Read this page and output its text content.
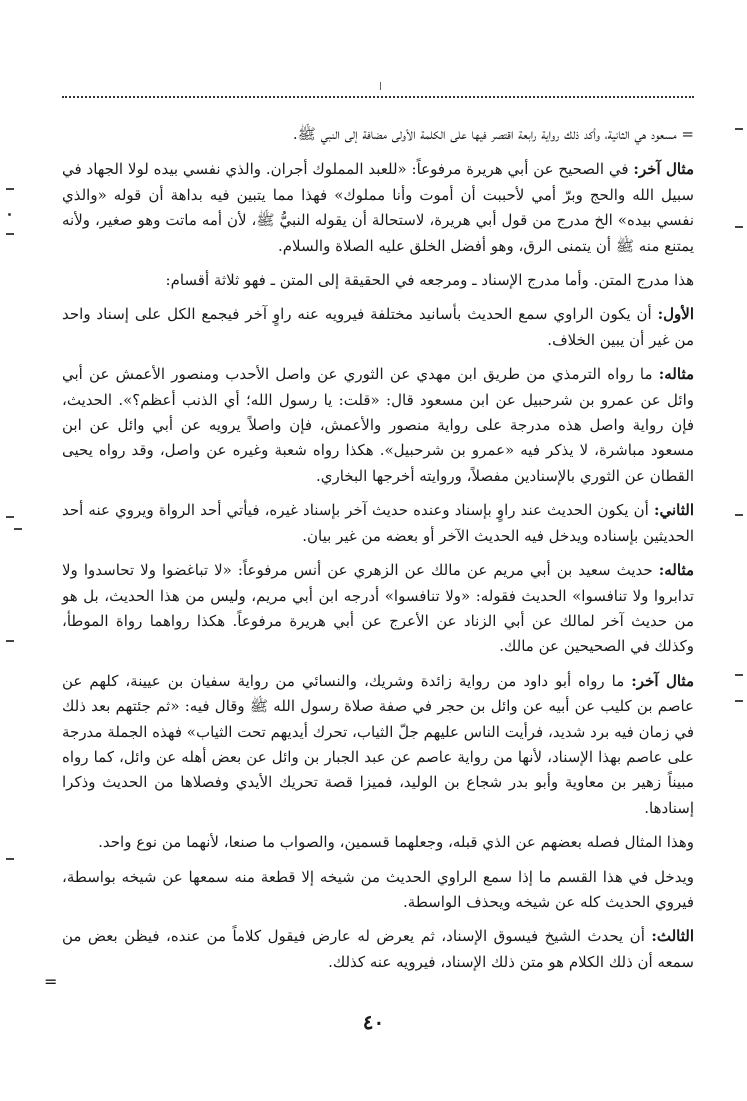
=

= مسعود هي الثانية، وأكد ذلك رواية رابعة اقتصر فيها على الكلمة الأولى مضافة إلى النبي ﷺ.

مثال آخر: في الصحيح عن أبي هريرة مرفوعاً: «للعبد المملوك أجران. والذي نفسي بيده لولا الجهاد في سبيل الله والحج وبرّ أمي لأحببت أن أموت وأنا مملوك» فهذا مما يتبين فيه بداهة أن قوله «والذي نفسي بيده» الخ مدرج من قول أبي هريرة، لاستحالة أن يقوله النبيُّ ﷺ، لأن أمه ماتت وهو صغير، ولأنه يمتنع منه ﷺ أن يتمنى الرق، وهو أفضل الخلق عليه الصلاة والسلام.

هذا مدرج المتن. وأما مدرج الإسناد ـ ومرجعه في الحقيقة إلى المتن ـ فهو ثلاثة أقسام:

الأول: أن يكون الراوي سمع الحديث بأسانيد مختلفة فيرويه عنه راوٍ آخر فيجمع الكل على إسناد واحد من غير أن يبين الخلاف.

مثاله: ما رواه الترمذي من طريق ابن مهدي عن الثوري عن واصل الأحدب ومنصور الأعمش عن أبي وائل عن عمرو بن شرحبيل عن ابن مسعود قال: «قلت: يا رسول الله؛ أي الذنب أعظم؟». الحديث، فإن رواية واصل هذه مدرجة على رواية منصور والأعمش، فإن واصلاً يرويه عن أبي وائل عن ابن مسعود مباشرة، لا يذكر فيه «عمرو بن شرحبيل». هكذا رواه شعبة وغيره عن واصل، وقد رواه يحيى القطان عن الثوري بالإسنادين مفصلاً، وروايته أخرجها البخاري.

الثاني: أن يكون الحديث عند راوٍ بإسناد وعنده حديث آخر بإسناد غيره، فيأتي أحد الرواة ويروي عنه أحد الحديثين بإسناده ويدخل فيه الحديث الآخر أو بعضه من غير بيان.

مثاله: حديث سعيد بن أبي مريم عن مالك عن الزهري عن أنس مرفوعاً: «لا تباغضوا ولا تحاسدوا ولا تدابروا ولا تنافسوا» الحديث فقوله: «ولا تنافسوا» أدرجه ابن أبي مريم، وليس من هذا الحديث، بل هو من حديث آخر لمالك عن أبي الزناد عن الأعرج عن أبي هريرة مرفوعاً. هكذا رواهما رواة الموطأ، وكذلك في الصحيحين عن مالك.

مثال آخر: ما رواه أبو داود من رواية زائدة وشريك، والنسائي من رواية سفيان بن عيينة، كلهم عن عاصم بن كليب عن أبيه عن وائل بن حجر في صفة صلاة رسول الله ﷺ وقال فيه: «ثم جئتهم بعد ذلك في زمان فيه برد شديد، فرأيت الناس عليهم جلّ الثياب، تحرك أيديهم تحت الثياب» فهذه الجملة مدرجة على عاصم بهذا الإسناد، لأنها من رواية عاصم عن عبد الجبار بن وائل عن بعض أهله عن وائل، كما رواه مبيناً زهير بن معاوية وأبو بدر شجاع بن الوليد، فميزا قصة تحريك الأيدي وفصلاها من الحديث وذكرا إسنادها.

وهذا المثال فصله بعضهم عن الذي قبله، وجعلهما قسمين، والصواب ما صنعا، لأنهما من نوع واحد.

ويدخل في هذا القسم ما إذا سمع الراوي الحديث من شيخه إلا قطعة منه سمعها عن شيخه بواسطة، فيروي الحديث كله عن شيخه ويحذف الواسطة.

الثالث: أن يحدث الشيخ فيسوق الإسناد، ثم يعرض له عارض فيقول كلاماً من عنده، فيظن بعض من سمعه أن ذلك الكلام هو متن ذلك الإسناد، فيرويه عنه كذلك.

٤٠
